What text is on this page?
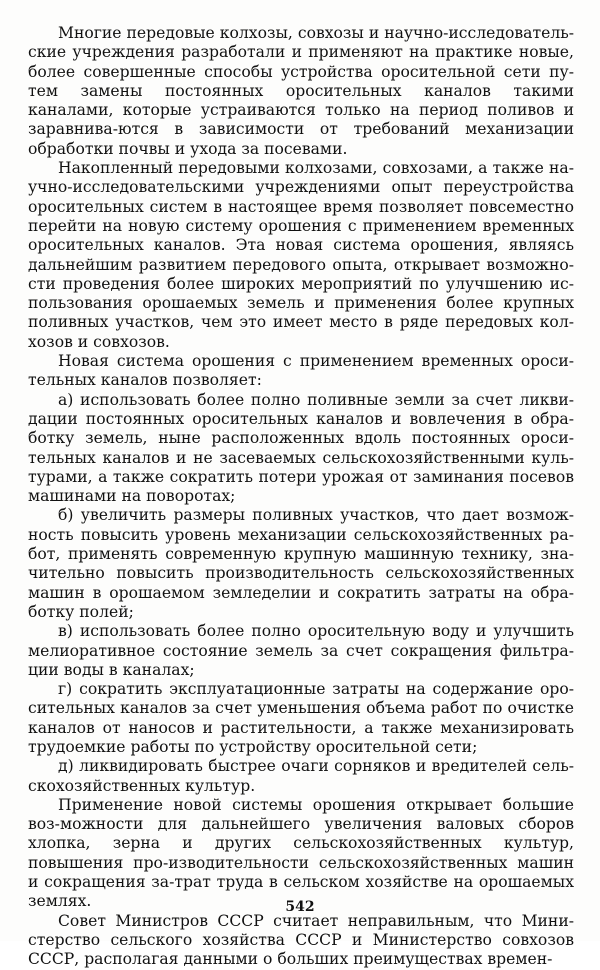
Многие передовые колхозы, совхозы и научно-исследователь-ские учреждения разработали и применяют на практике новые, более совершенные способы устройства оросительной сети пу-тем замены постоянных оросительных каналов такими каналами, которые устраиваются только на период поливов и заравнива-ются в зависимости от требований механизации обработки почвы и ухода за посевами.

Накопленный передовыми колхозами, совхозами, а также на-учно-исследовательскими учреждениями опыт переустройства оросительных систем в настоящее время позволяет повсеместно перейти на новую систему орошения с применением временных оросительных каналов. Эта новая система орошения, являясь дальнейшим развитием передового опыта, открывает возможно-сти проведения более широких мероприятий по улучшению ис-пользования орошаемых земель и применения более крупных поливных участков, чем это имеет место в ряде передовых кол-хозов и совхозов.

Новая система орошения с применением временных ороси-тельных каналов позволяет:

а) использовать более полно поливные земли за счет ликви-дации постоянных оросительных каналов и вовлечения в обра-ботку земель, ныне расположенных вдоль постоянных ороси-тельных каналов и не засеваемых сельскохозяйственными куль-турами, а также сократить потери урожая от заминания посевов машинами на поворотах;

б) увеличить размеры поливных участков, что дает возмож-ность повысить уровень механизации сельскохозяйственных ра-бот, применять современную крупную машинную технику, зна-чительно повысить производительность сельскохозяйственных машин в орошаемом земледелии и сократить затраты на обра-ботку полей;

в) использовать более полно оросительную воду и улучшить мелиоративное состояние земель за счет сокращения фильтра-ции воды в каналах;

г) сократить эксплуатационные затраты на содержание оро-сительных каналов за счет уменьшения объема работ по очистке каналов от наносов и растительности, а также механизировать трудоемкие работы по устройству оросительной сети;

д) ликвидировать быстрее очаги сорняков и вредителей сель-скохозяйственных культур.

Применение новой системы орошения открывает большие воз-можности для дальнейшего увеличения валовых сборов хлопка, зерна и других сельскохозяйственных культур, повышения про-изводительности сельскохозяйственных машин и сокращения за-трат труда в сельском хозяйстве на орошаемых землях.

Совет Министров СССР считает неправильным, что Мини-стерство сельского хозяйства СССР и Министерство совхозов СССР, располагая данными о больших преимуществах времен-

542
